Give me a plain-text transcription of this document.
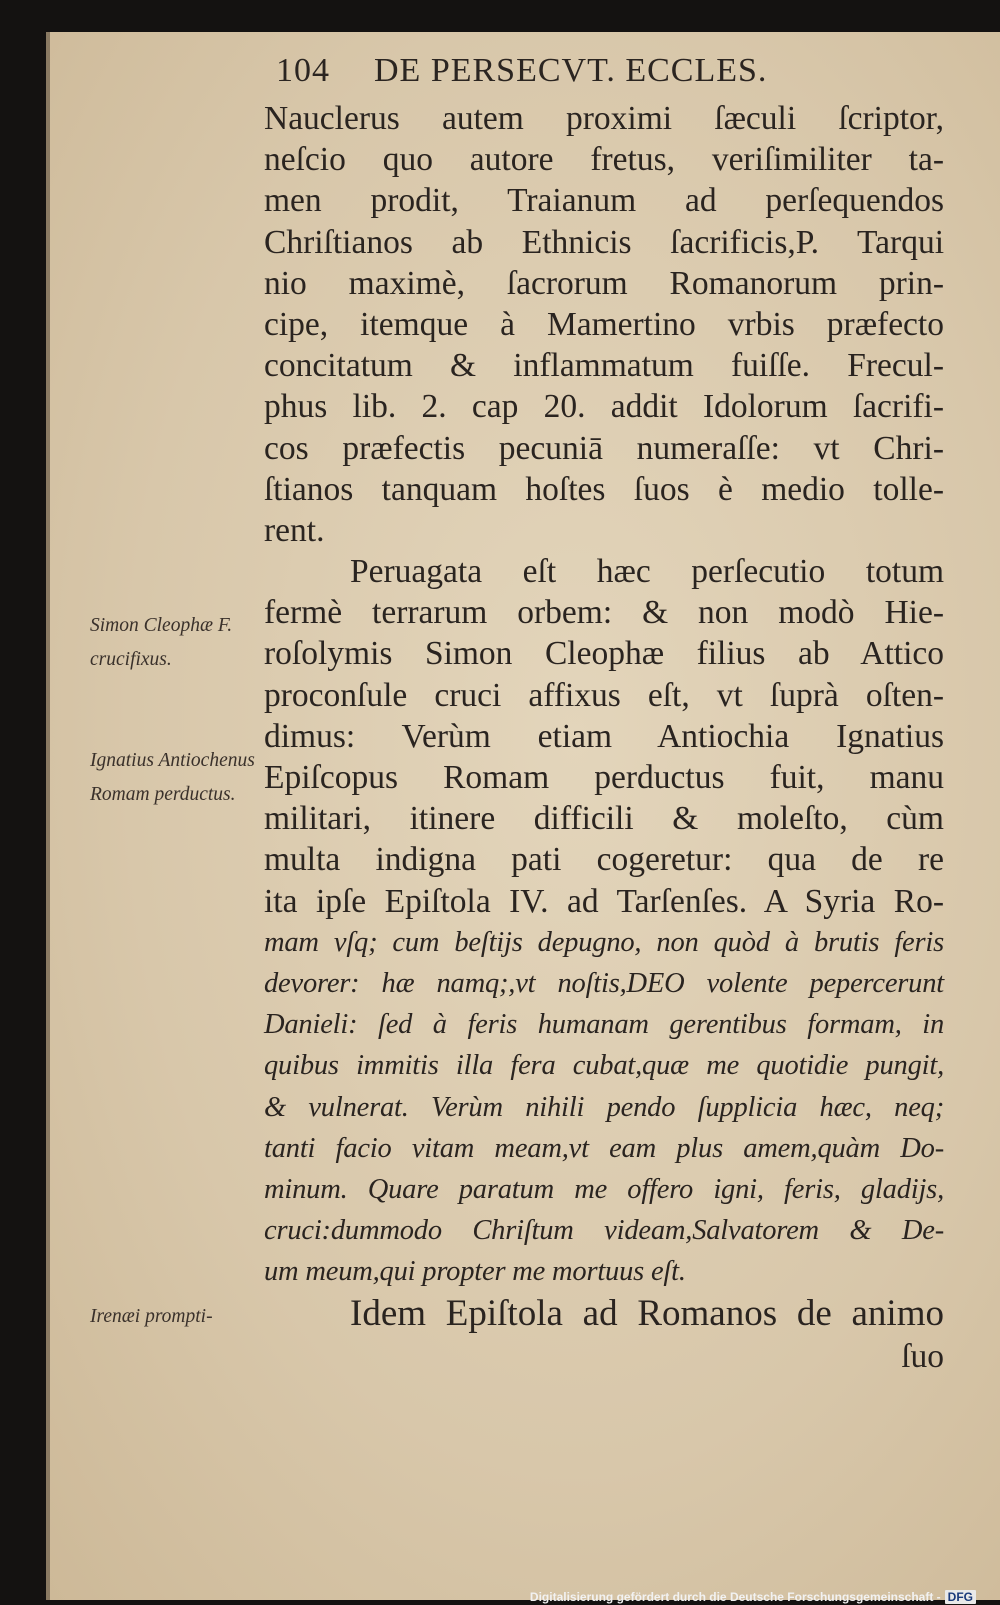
104 DE PERSECVT. ECCLES.
Nauclerus autem proximi ſæculi ſcriptor,
neſcio quo autore fretus, veriſimiliter ta-
men prodit, Traianum ad perſequendos
Chriſtianos ab Ethnicis ſacrificis,P. Tarqui
nio maximè, ſacrorum Romanorum prin-
cipe, itemque à Mamertino vrbis præfecto
concitatum & inflammatum fuiſſe. Frecul-
phus lib. 2. cap 20. addit Idolorum ſacrifi-
cos præfectis pecuniā numeraſſe: vt Chri-
ſtianos tanquam hoſtes ſuos è medio tolle-
rent.
Peruagata eſt hæc perſecutio totum
fermè terrarum orbem: & non modò Hie-
roſolymis Simon Cleophæ filius ab Attico
proconſule cruci affixus eſt, vt ſuprà oſten-
dimus: Verùm etiam Antiochia Ignatius
Epiſcopus Romam perductus fuit, manu
militari, itinere difficili & moleſto, cùm
multa indigna pati cogeretur: qua de re
ita ipſe Epiſtola IV. ad Tarſenſes. A Syria Ro-
mam vſq; cum beſtijs depugno, non quòd à brutis feris
devorer: hæ namq;,vt noſtis,DEO volente pepercerunt
Danieli: ſed à feris humanam gerentibus formam, in
quibus immitis illa fera cubat,quæ me quotidie pungit,
& vulnerat. Verùm nihili pendo ſupplicia hæc, neq;
tanti facio vitam meam,vt eam plus amem,quàm Do-
minum. Quare paratum me offero igni, feris, gladijs,
cruci:dummodo Chriſtum videam,Salvatorem & De-
um meum,qui propter me mortuus eſt.
Idem Epiſtola ad Romanos de animo
ſuo
Simon Cleophæ F. crucifixus.
Ignatius Antiochenus Romam perductus.
Irenæi prompti-
Digitalisierung gefördert durch die Deutsche Forschungsgemeinschaft - DFG
